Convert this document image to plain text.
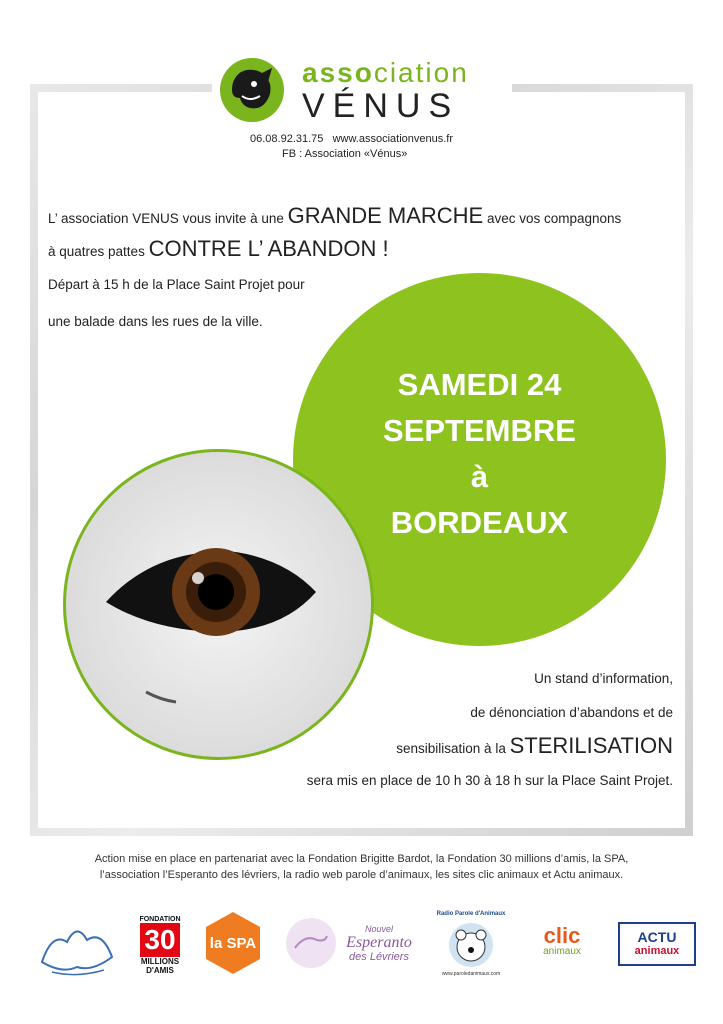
association
VÉNUS
06.08.92.31.75 www.associationvenus.fr
FB : Association «Vénus»
L’ association VENUS vous invite à une GRANDE MARCHE avec vos compagnons
à quatres pattes CONTRE L’ ABANDON !
Départ à 15 h de la Place Saint Projet pour
une balade dans les rues de la ville.
SAMEDI 24
SEPTEMBRE
à
BORDEAUX
Un stand d’information,
de dénonciation d’abandons et de
sensibilisation à la STERILISATION
sera mis en place de 10 h 30 à 18 h sur la Place Saint Projet.
Action mise en place en partenariat avec la Fondation Brigitte Bardot, la Fondation 30 millions d’amis, la SPA,
l’association l’Esperanto des lévriers, la radio web parole d’animaux, les sites clic animaux et Actu animaux.
FONDATION
30
MILLIONS D'AMIS
la SPA
Nouvel
Esperanto
des Lévriers
Radio Parole d'Animaux
www.paroledanimaux.com
clic
animaux
ACTU
animaux
